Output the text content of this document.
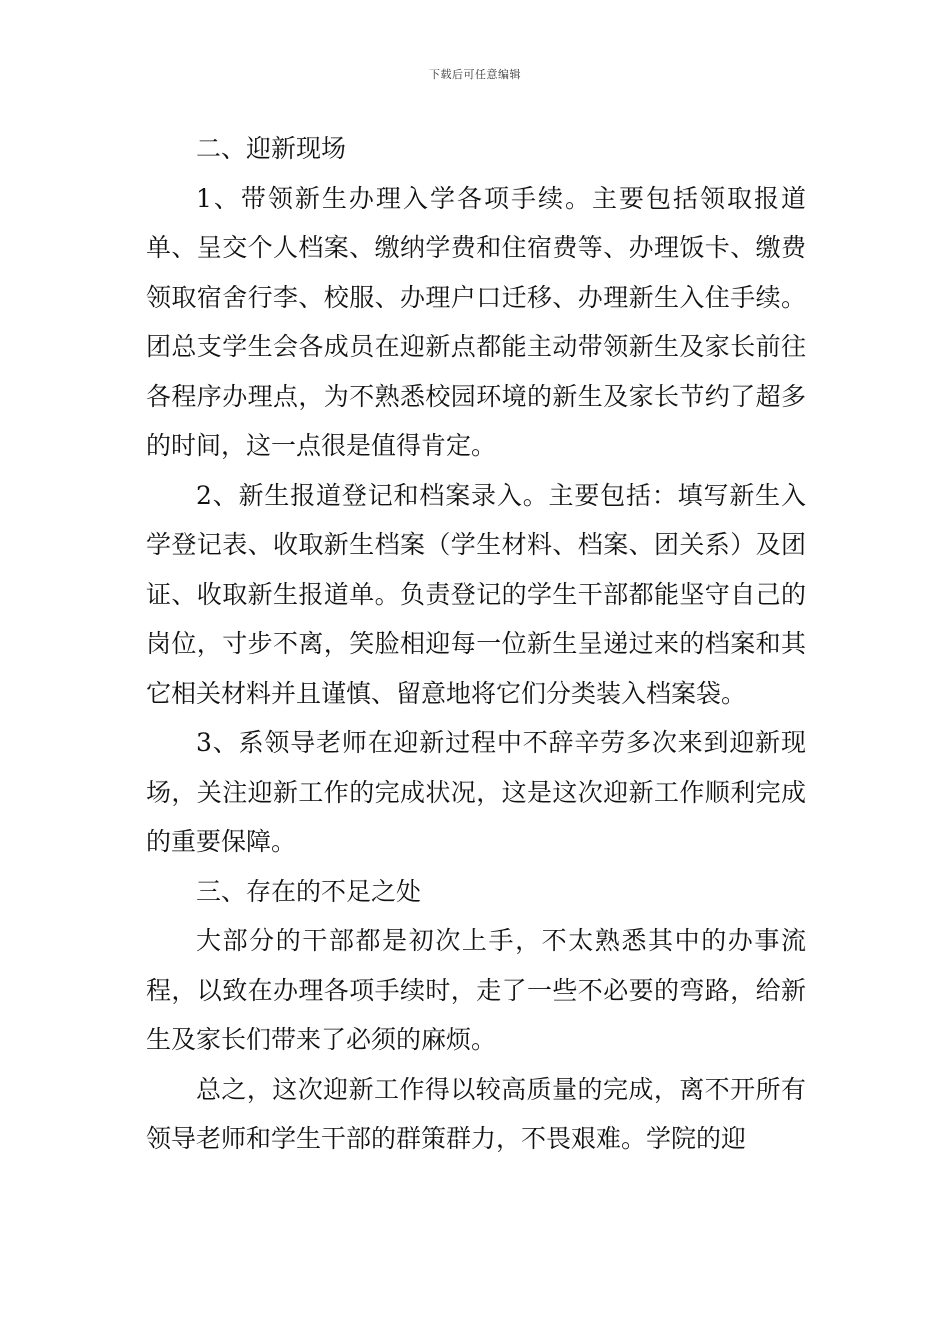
下载后可任意编辑

二、迎新现场

1、带领新生办理入学各项手续。主要包括领取报道单、呈交个人档案、缴纳学费和住宿费等、办理饭卡、缴费领取宿舍行李、校服、办理户口迁移、办理新生入住手续。团总支学生会各成员在迎新点都能主动带领新生及家长前往各程序办理点，为不熟悉校园环境的新生及家长节约了超多的时间，这一点很是值得肯定。

2、新生报道登记和档案录入。主要包括：填写新生入学登记表、收取新生档案（学生材料、档案、团关系）及团证、收取新生报道单。负责登记的学生干部都能坚守自己的岗位，寸步不离，笑脸相迎每一位新生呈递过来的档案和其它相关材料并且谨慎、留意地将它们分类装入档案袋。

3、系领导老师在迎新过程中不辞辛劳多次来到迎新现场，关注迎新工作的完成状况，这是这次迎新工作顺利完成的重要保障。

三、存在的不足之处

大部分的干部都是初次上手，不太熟悉其中的办事流程，以致在办理各项手续时，走了一些不必要的弯路，给新生及家长们带来了必须的麻烦。

总之，这次迎新工作得以较高质量的完成，离不开所有领导老师和学生干部的群策群力，不畏艰难。学院的迎
